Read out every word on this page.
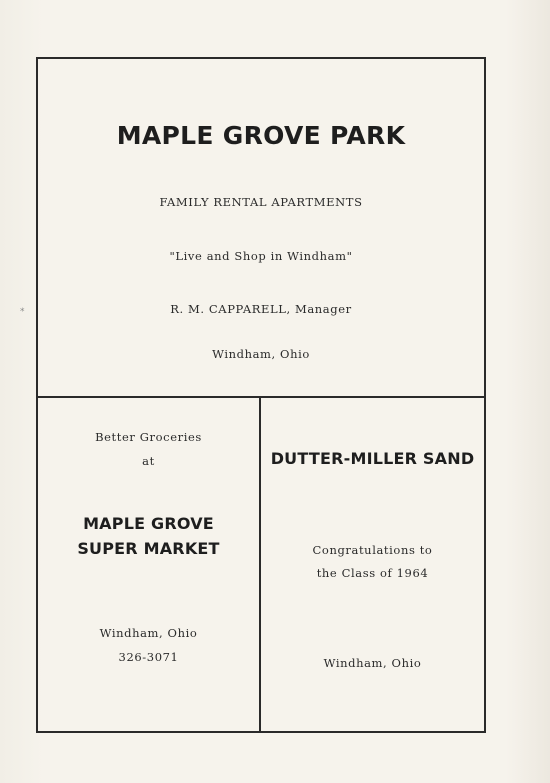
*
MAPLE GROVE PARK
FAMILY RENTAL APARTMENTS
"Live and Shop in Windham"
R. M. CAPPARELL, Manager
Windham, Ohio
Better Groceries
at
MAPLE GROVE
SUPER MARKET
Windham, Ohio
326-3071
DUTTER-MILLER SAND
Congratulations to
the Class of 1964
Windham, Ohio
